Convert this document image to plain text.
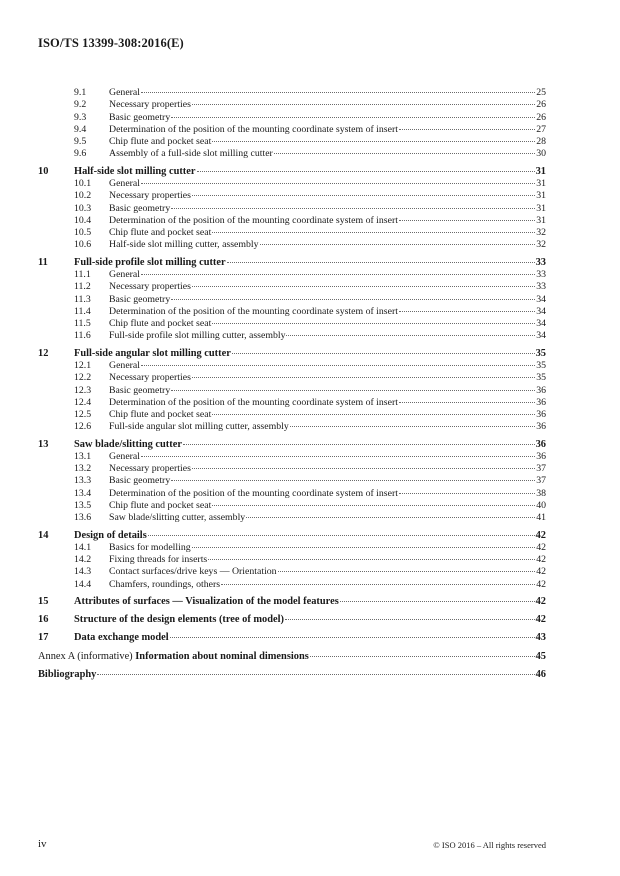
ISO/TS 13399-308:2016(E)
9.1	General	25
9.2	Necessary properties	26
9.3	Basic geometry	26
9.4	Determination of the position of the mounting coordinate system of insert	27
9.5	Chip flute and pocket seat	28
9.6	Assembly of a full-side slot milling cutter	30
10	Half-side slot milling cutter	31
10.1	General	31
10.2	Necessary properties	31
10.3	Basic geometry	31
10.4	Determination of the position of the mounting coordinate system of insert	31
10.5	Chip flute and pocket seat	32
10.6	Half-side slot milling cutter, assembly	32
11	Full-side profile slot milling cutter	33
11.1	General	33
11.2	Necessary properties	33
11.3	Basic geometry	34
11.4	Determination of the position of the mounting coordinate system of insert	34
11.5	Chip flute and pocket seat	34
11.6	Full-side profile slot milling cutter, assembly	34
12	Full-side angular slot milling cutter	35
12.1	General	35
12.2	Necessary properties	35
12.3	Basic geometry	36
12.4	Determination of the position of the mounting coordinate system of insert	36
12.5	Chip flute and pocket seat	36
12.6	Full-side angular slot milling cutter, assembly	36
13	Saw blade/slitting cutter	36
13.1	General	36
13.2	Necessary properties	37
13.3	Basic geometry	37
13.4	Determination of the position of the mounting coordinate system of insert	38
13.5	Chip flute and pocket seat	40
13.6	Saw blade/slitting cutter, assembly	41
14	Design of details	42
14.1	Basics for modelling	42
14.2	Fixing threads for inserts	42
14.3	Contact surfaces/drive keys — Orientation	42
14.4	Chamfers, roundings, others	42
15	Attributes of surfaces — Visualization of the model features	42
16	Structure of the design elements (tree of model)	42
17	Data exchange model	43
Annex A (informative) Information about nominal dimensions	45
Bibliography	46
iv	© ISO 2016 – All rights reserved
